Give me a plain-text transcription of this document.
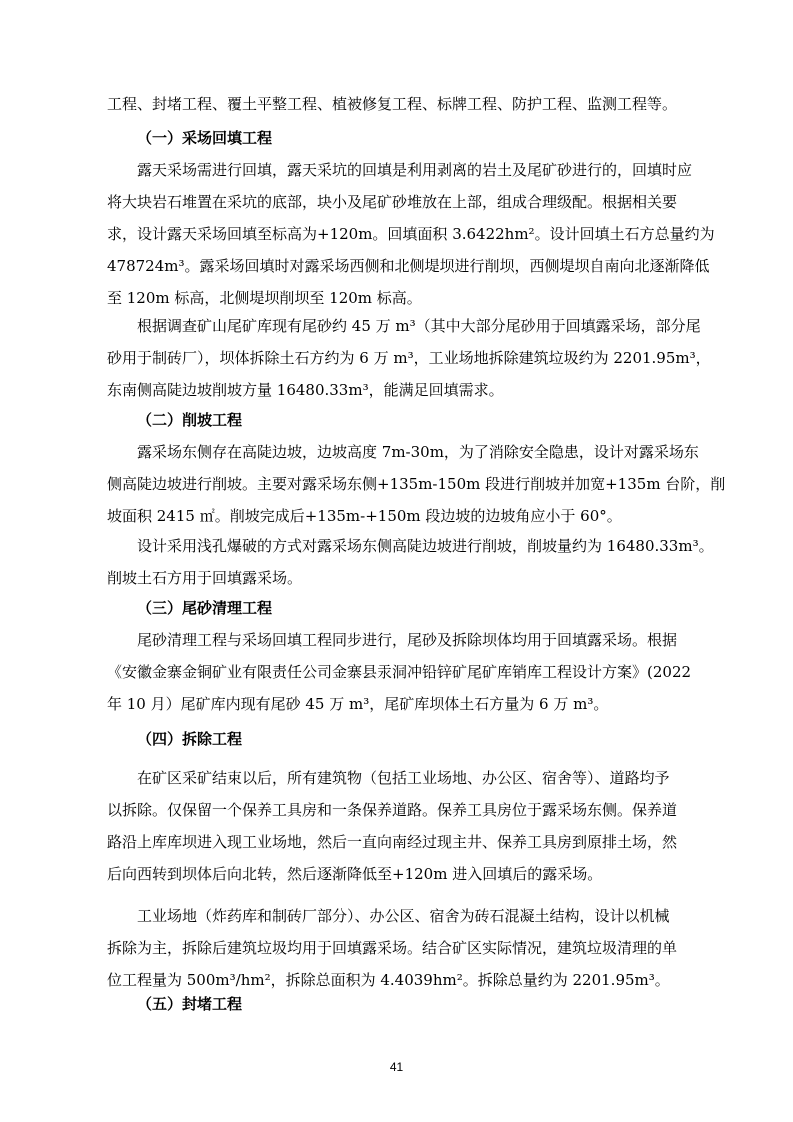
工程、封堵工程、覆土平整工程、植被修复工程、标牌工程、防护工程、监测工程等。

（一）采场回填工程

露天采场需进行回填，露天采坑的回填是利用剥离的岩土及尾矿砂进行的，回填时应
将大块岩石堆置在采坑的底部，块小及尾矿砂堆放在上部，组成合理级配。根据相关要
求，设计露天采场回填至标高为+120m。回填面积 3.6422hm²。设计回填土石方总量约为
478724m³。露采场回填时对露采场西侧和北侧堤坝进行削坝，西侧堤坝自南向北逐渐降低
至 120m 标高，北侧堤坝削坝至 120m 标高。

根据调查矿山尾矿库现有尾砂约 45 万 m³（其中大部分尾砂用于回填露采场，部分尾
砂用于制砖厂），坝体拆除土石方约为 6 万 m³，工业场地拆除建筑垃圾约为 2201.95m³，
东南侧高陡边坡削坡方量 16480.33m³，能满足回填需求。

（二）削坡工程

露采场东侧存在高陡边坡，边坡高度 7m-30m，为了消除安全隐患，设计对露采场东
侧高陡边坡进行削坡。主要对露采场东侧+135m-150m 段进行削坡并加宽+135m 台阶，削
坡面积 2415 ㎡。削坡完成后+135m-+150m 段边坡的边坡角应小于 60°。

设计采用浅孔爆破的方式对露采场东侧高陡边坡进行削坡，削坡量约为 16480.33m³。
削坡土石方用于回填露采场。

（三）尾砂清理工程

尾砂清理工程与采场回填工程同步进行，尾砂及拆除坝体均用于回填露采场。根据
《安徽金寨金铜矿业有限责任公司金寨县汞洞冲铅锌矿尾矿库销库工程设计方案》(2022
年 10 月）尾矿库内现有尾砂 45 万 m³，尾矿库坝体土石方量为 6 万 m³。

（四）拆除工程

在矿区采矿结束以后，所有建筑物（包括工业场地、办公区、宿舍等）、道路均予
以拆除。仅保留一个保养工具房和一条保养道路。保养工具房位于露采场东侧。保养道
路沿上库库坝进入现工业场地，然后一直向南经过现主井、保养工具房到原排土场，然
后向西转到坝体后向北转，然后逐渐降低至+120m 进入回填后的露采场。

工业场地（炸药库和制砖厂部分）、办公区、宿舍为砖石混凝土结构，设计以机械
拆除为主，拆除后建筑垃圾均用于回填露采场。结合矿区实际情况，建筑垃圾清理的单
位工程量为 500m³/hm²，拆除总面积为 4.4039hm²。拆除总量约为 2201.95m³。

（五）封堵工程

41
